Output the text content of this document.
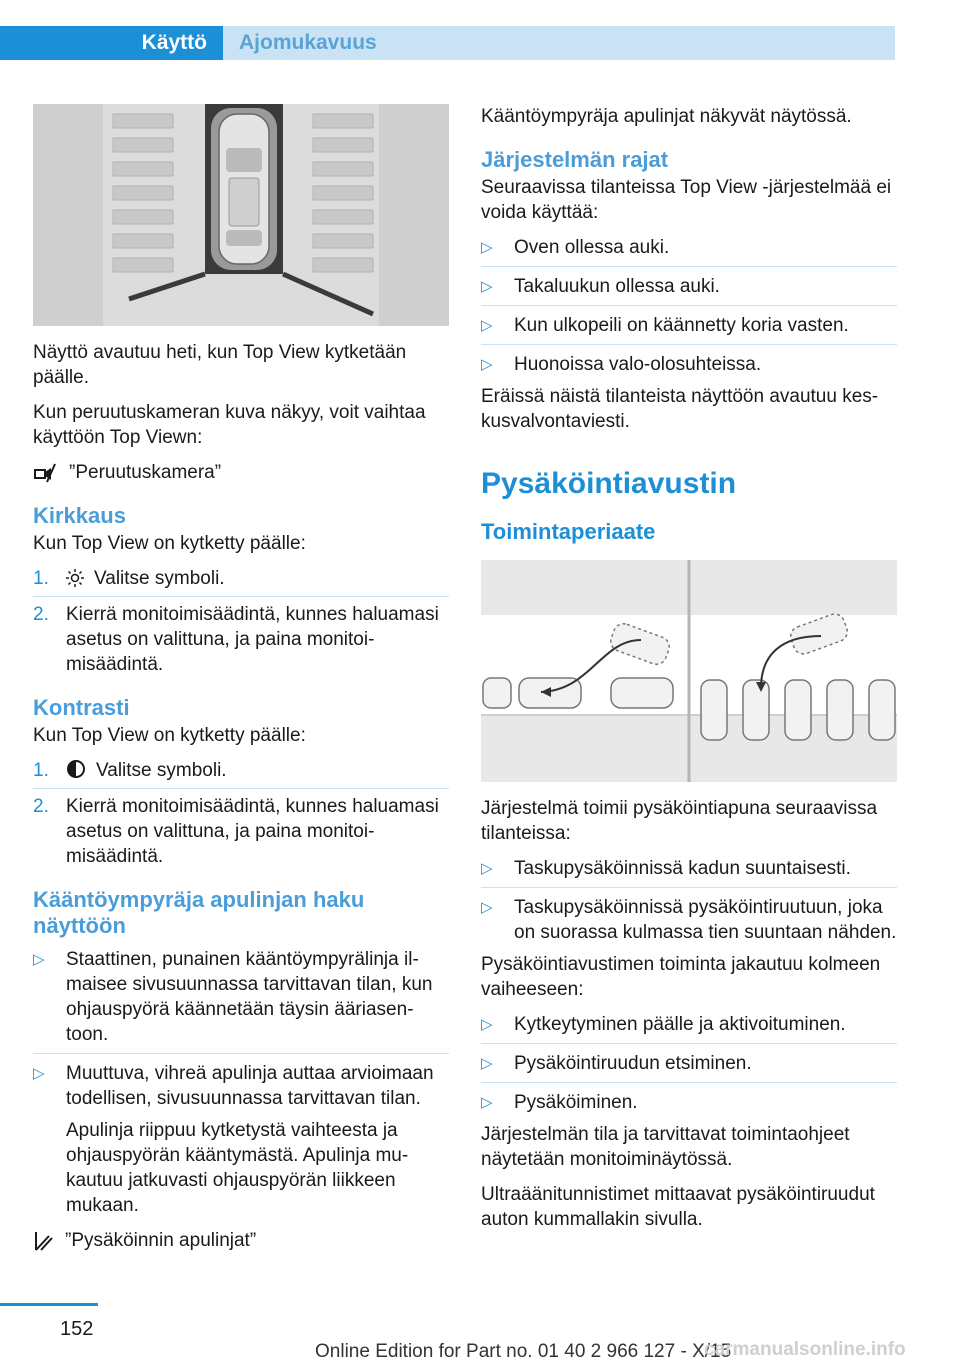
Käyttö	Ajomukavuus

Näyttö avautuu heti, kun Top View kytketään päälle.

Kun peruutuskameran kuva näkyy, voit vaihtaa käyttöön Top Viewn:

”Peruutuskamera”
Kirkkaus

Kun Top View on kytketty päälle:

1. Valitse symboli.
2. Kierrä monitoimisäädintä, kunnes haluamasi asetus on valittuna, ja paina monitoimisäädintä.
Kontrasti

Kun Top View on kytketty päälle:

1. Valitse symboli.
2. Kierrä monitoimisäädintä, kunnes haluamasi asetus on valittuna, ja paina monitoimisäädintä.
Kääntöympyräja apulinjan haku näyttöön
▷ Staattinen, punainen kääntöympyrälinja ilmaisee sivusuunnassa tarvittavan tilan, kun ohjauspyörä käännetään täysin ääriasentoon.
▷ Muuttuva, vihreä apulinja auttaa arvioimaan todellisen, sivusuunnassa tarvittavan tilan.

Apulinja riippuu kytketystä vaihteesta ja ohjauspyörän kääntymästä. Apulinja mukautuu jatkuvasti ohjauspyörän liikkeen mukaan.

”Pysäköinnin apulinjat”

Kääntöympyräja apulinjat näkyvät näytössä.

Järjestelmän rajat

Seuraavissa tilanteissa Top View ‑järjestelmää ei voida käyttää:

▷ Oven ollessa auki.
▷ Takaluukun ollessa auki.
▷ Kun ulkopeili on käännetty koria vasten.
▷ Huonoissa valo-olosuhteissa.

Eräissä näistä tilanteista näyttöön avautuu keskusvalvontaviesti.

Pysäköintiavustin
Toimintaperiaate

Järjestelmä toimii pysäköintiapuna seuraavissa tilanteissa:

▷ Taskupysäköinnissä kadun suuntaisesti.
▷ Taskupysäköinnissä pysäköintiruutuun, joka on suorassa kulmassa tien suuntaan nähden.

Pysäköintiavustimen toiminta jakautuu kolmeen vaiheeseen:

▷ Kytkeytyminen päälle ja aktivoituminen.
▷ Pysäköintiruudun etsiminen.
▷ Pysäköiminen.

Järjestelmän tila ja tarvittavat toimintaohjeet näytetään monitoiminäytössä.

Ultraäänitunnistimet mittaavat pysäköintiruudut auton kummallakin sivulla.

152
Online Edition for Part no. 01 40 2 966 127 - X/15
carmanualsonline.info
